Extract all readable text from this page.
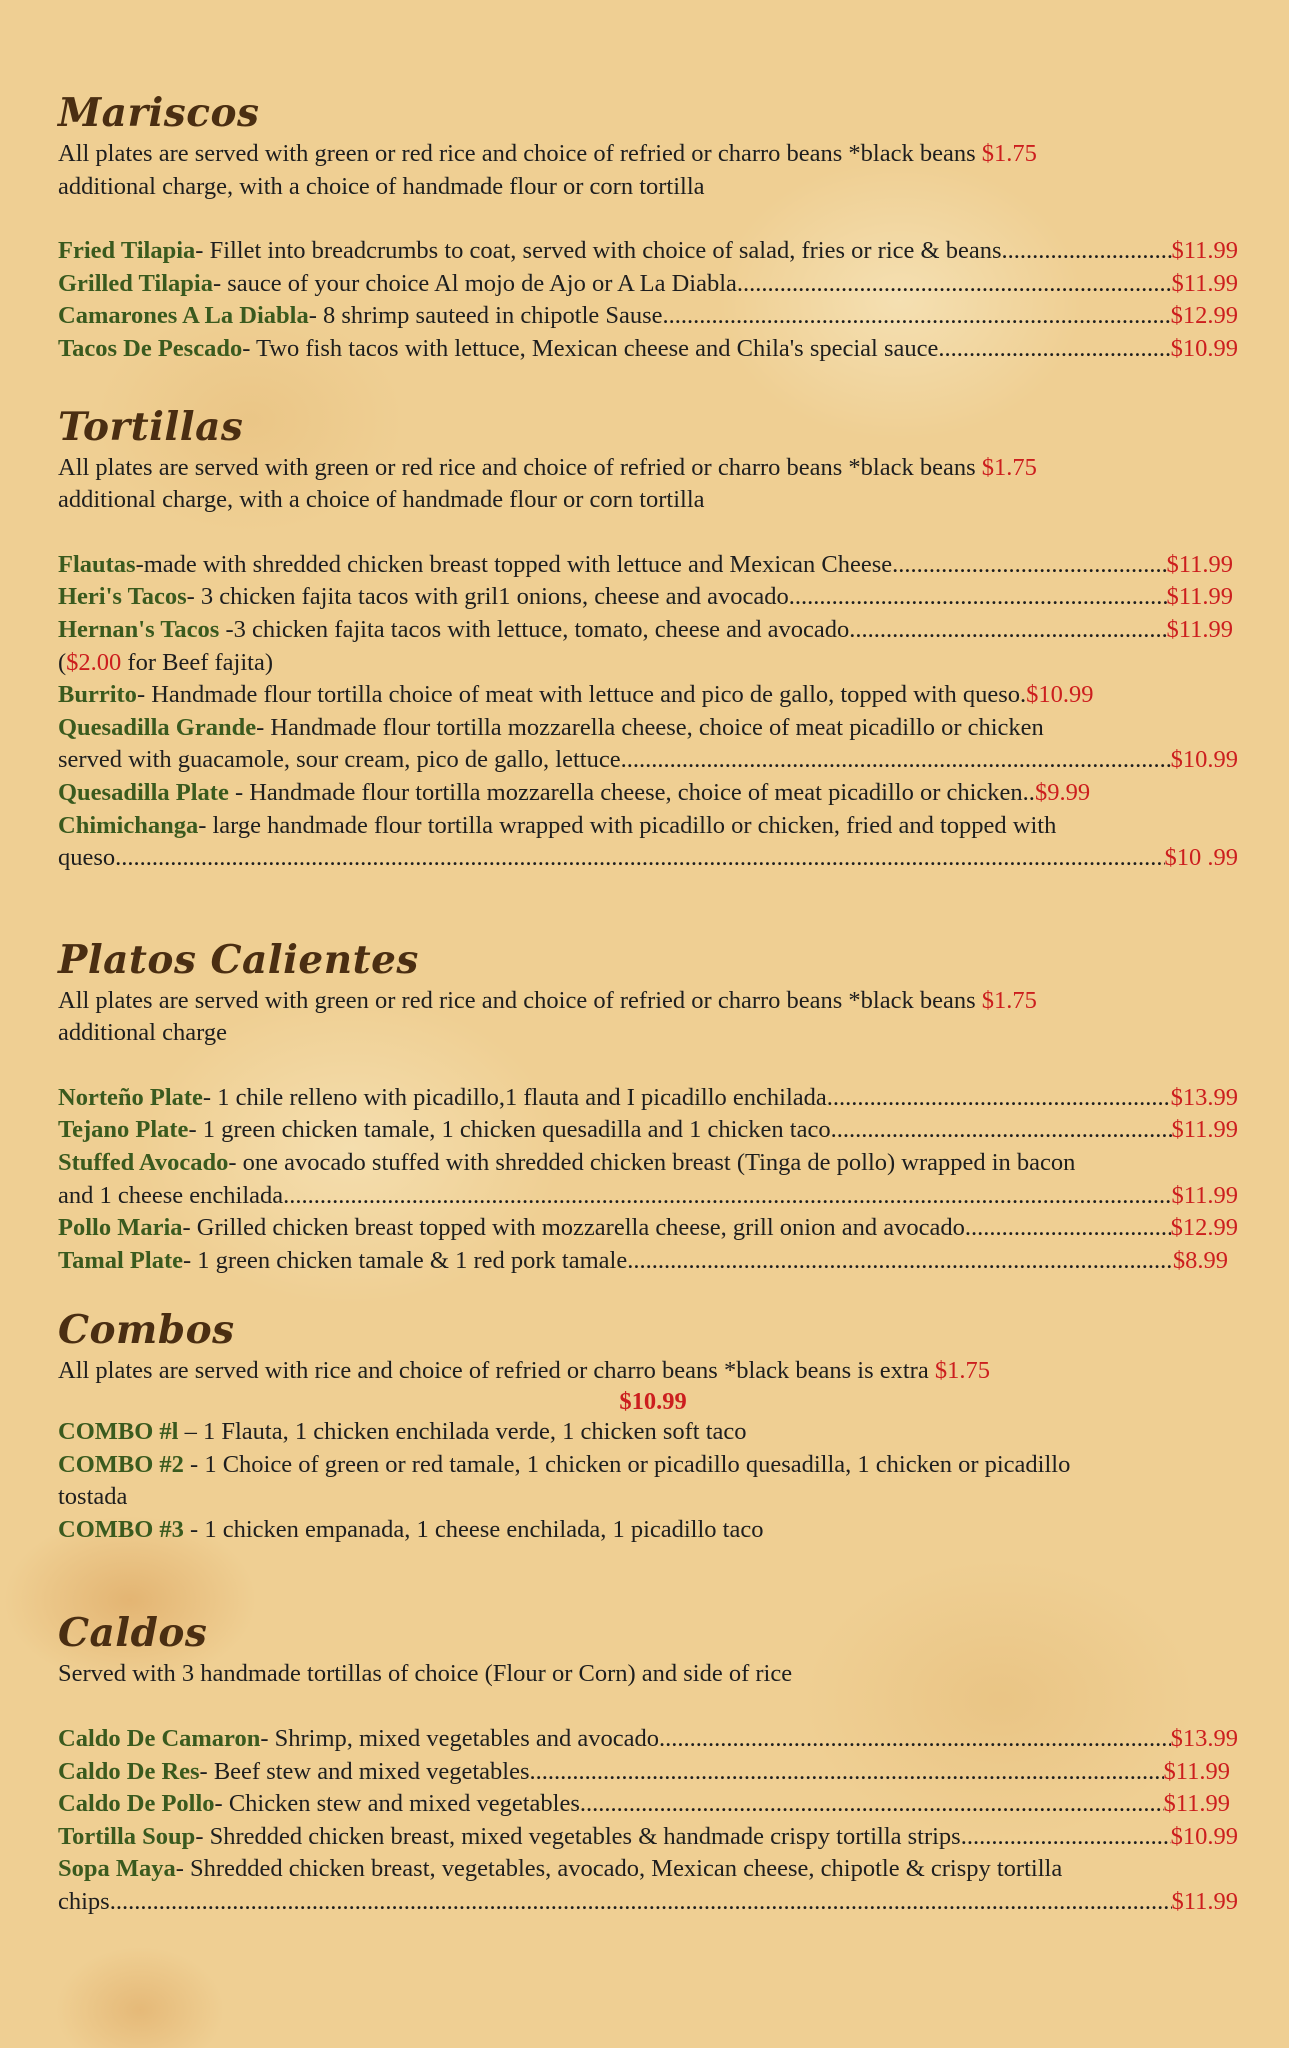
Mariscos
All plates are served with green or red rice and choice of refried or charro beans *black beans $1.75
additional charge, with a choice of handmade flour or corn tortilla
Fried Tilapia- Fillet into breadcrumbs to coat, served with choice of salad, fries or rice & beans .....	$11.99
Grilled Tilapia- sauce of your choice Al mojo de Ajo or A La Diabla .....	$11.99
Camarones A La Diabla- 8 shrimp sauteed in chipotle Sause .....	$12.99
Tacos De Pescado- Two fish tacos with lettuce, Mexican cheese and Chila's special sauce .....	$10.99
Tortillas
All plates are served with green or red rice and choice of refried or charro beans *black beans $1.75
additional charge, with a choice of handmade flour or corn tortilla
Flautas-made with shredded chicken breast topped with lettuce and Mexican Cheese .....	$11.99
Heri's Tacos- 3 chicken fajita tacos with gril1 onions, cheese and avocado .....	$11.99
Hernan's Tacos -3 chicken fajita tacos with lettuce, tomato, cheese and avocado .....	$11.99
($2.00 for Beef fajita)
Burrito- Handmade flour tortilla choice of meat with lettuce and pico de gallo, topped with queso. $10.99
Quesadilla Grande- Handmade flour tortilla mozzarella cheese, choice of meat picadillo or chicken
served with guacamole, sour cream, pico de gallo, lettuce .....	$10.99
Quesadilla Plate - Handmade flour tortilla mozzarella cheese, choice of meat picadillo or chicken.. $9.99
Chimichanga- large handmade flour tortilla wrapped with picadillo or chicken, fried and topped with
queso .....	$10 .99
Platos Calientes
All plates are served with green or red rice and choice of refried or charro beans *black beans $1.75
additional charge
Norteño Plate- 1 chile relleno with picadillo,1 flauta and I picadillo enchilada .....	$13.99
Tejano Plate- 1 green chicken tamale, 1 chicken quesadilla and 1 chicken taco .....	$11.99
Stuffed Avocado- one avocado stuffed with shredded chicken breast (Tinga de pollo) wrapped in bacon
and 1 cheese enchilada .....	$11.99
Pollo Maria- Grilled chicken breast topped with mozzarella cheese, grill onion and avocado .....	$12.99
Tamal Plate- 1 green chicken tamale & 1 red pork tamale .....	$8.99
Combos
All plates are served with rice and choice of refried or charro beans *black beans is extra $1.75
$10.99
COMBO #l – 1 Flauta, 1 chicken enchilada verde, 1 chicken soft taco
COMBO #2 - 1 Choice of green or red tamale, 1 chicken or picadillo quesadilla, 1 chicken or picadillo
tostada
COMBO #3 - 1 chicken empanada, 1 cheese enchilada, 1 picadillo taco
Caldos
Served with 3 handmade tortillas of choice (Flour or Corn) and side of rice
Caldo De Camaron- Shrimp, mixed vegetables and avocado .....	$13.99
Caldo De Res- Beef stew and mixed vegetables .....	$11.99
Caldo De Pollo- Chicken stew and mixed vegetables .....	$11.99
Tortilla Soup- Shredded chicken breast, mixed vegetables & handmade crispy tortilla strips .....	$10.99
Sopa Maya- Shredded chicken breast, vegetables, avocado, Mexican cheese, chipotle & crispy tortilla
chips .....	$11.99
